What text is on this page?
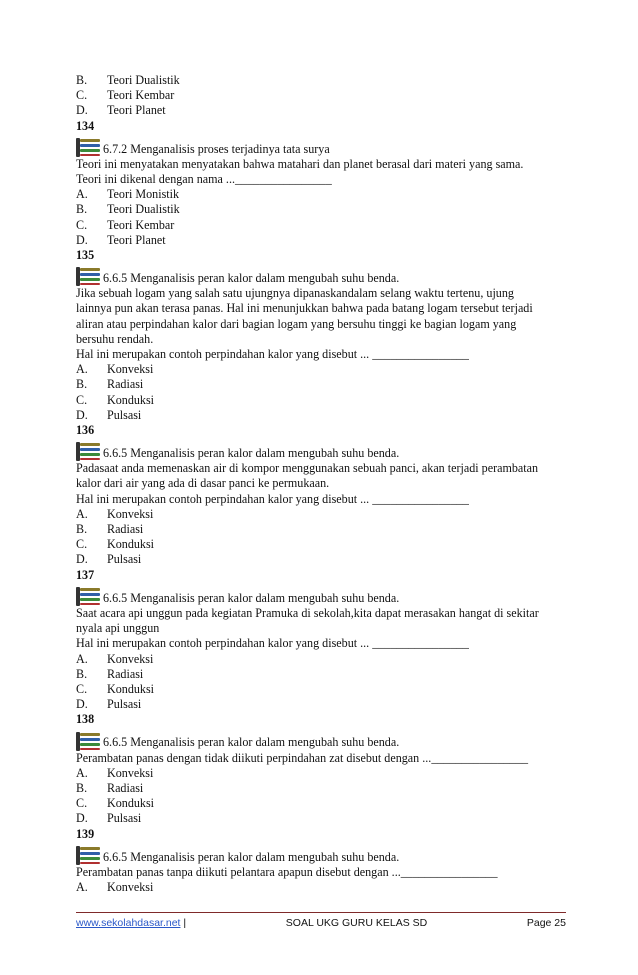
B.	Teori Dualistik
C.	Teori Kembar
D.	Teori Planet
134
6.7.2 Menganalisis proses terjadinya tata surya
Teori ini menyatakan menyatakan bahwa matahari dan planet berasal dari materi yang sama. Teori ini dikenal dengan nama ...________________
A.	Teori Monistik
B.	Teori Dualistik
C.	Teori Kembar
D.	Teori Planet
135
6.6.5 Menganalisis peran kalor dalam mengubah suhu benda.
Jika sebuah logam yang salah satu ujungnya dipanaskandalam selang waktu tertenu, ujung lainnya pun akan terasa panas. Hal ini menunjukkan bahwa pada batang logam tersebut terjadi aliran atau perpindahan kalor dari bagian logam yang bersuhu tinggi ke bagian logam yang bersuhu rendah.
Hal ini merupakan contoh perpindahan kalor yang disebut ... ________________
A.	Konveksi
B.	Radiasi
C.	Konduksi
D.	Pulsasi
136
6.6.5 Menganalisis peran kalor dalam mengubah suhu benda.
Padasaat anda memenaskan air di kompor menggunakan sebuah panci, akan terjadi perambatan kalor dari air yang ada di dasar panci ke permukaan.
Hal ini merupakan contoh perpindahan kalor yang disebut ... ________________
A.	Konveksi
B.	Radiasi
C.	Konduksi
D.	Pulsasi
137
6.6.5 Menganalisis peran kalor dalam mengubah suhu benda.
Saat acara api unggun pada kegiatan Pramuka di sekolah,kita dapat merasakan hangat di sekitar nyala api unggun
Hal ini merupakan contoh perpindahan kalor yang disebut ... ________________
A.	Konveksi
B.	Radiasi
C.	Konduksi
D.	Pulsasi
138
6.6.5 Menganalisis peran kalor dalam mengubah suhu benda.
Perambatan panas dengan tidak diikuti perpindahan zat disebut dengan ...________________
A.	Konveksi
B.	Radiasi
C.	Konduksi
D.	Pulsasi
139
6.6.5 Menganalisis peran kalor dalam mengubah suhu benda.
Perambatan panas tanpa diikuti pelantara apapun disebut dengan ...________________
A.	Konveksi
www.sekolahdasar.net |	SOAL UKG GURU KELAS SD	Page 25
